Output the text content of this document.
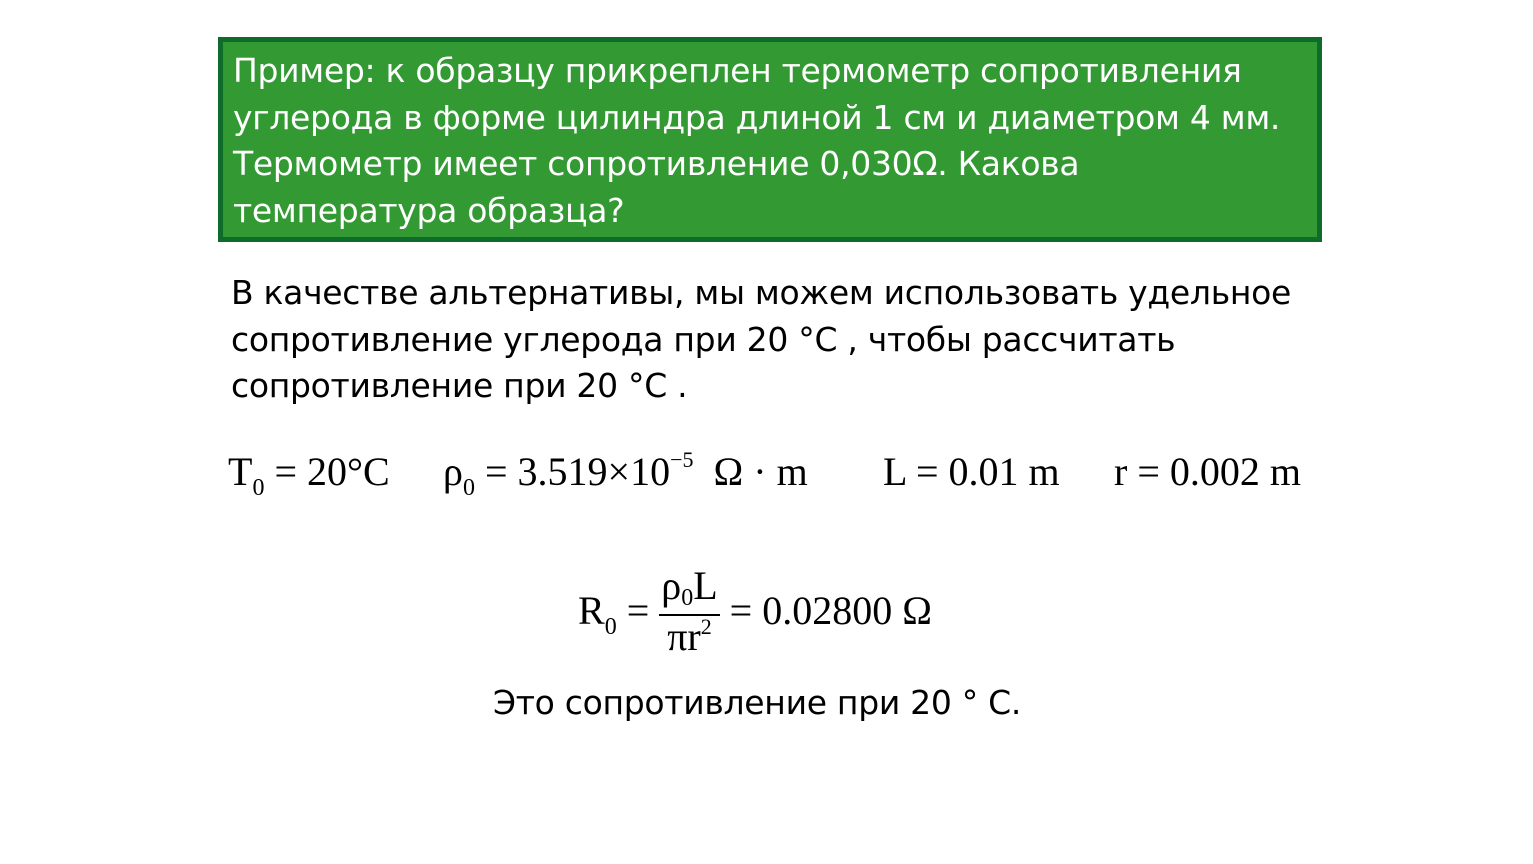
Пример: к образцу прикреплен термометр сопротивления
углерода в форме цилиндра длиной 1 см и диаметром 4 мм.
Термометр имеет сопротивление 0,030Ω. Какова
температура образца?
В качестве альтернативы, мы можем использовать удельное
сопротивление углерода при 20 °C , чтобы рассчитать
сопротивление при 20 °C .
$T_0 = 20^\circ C$ $\rho_0 = 3.519\times 10^{-5}$ Ω · m L = 0.01 m r = 0.002 m
$R_0 = \frac{\rho 0L}{\pi r^2} = 0.02800$ Ω
Это сопротивление при 20 ° C.
